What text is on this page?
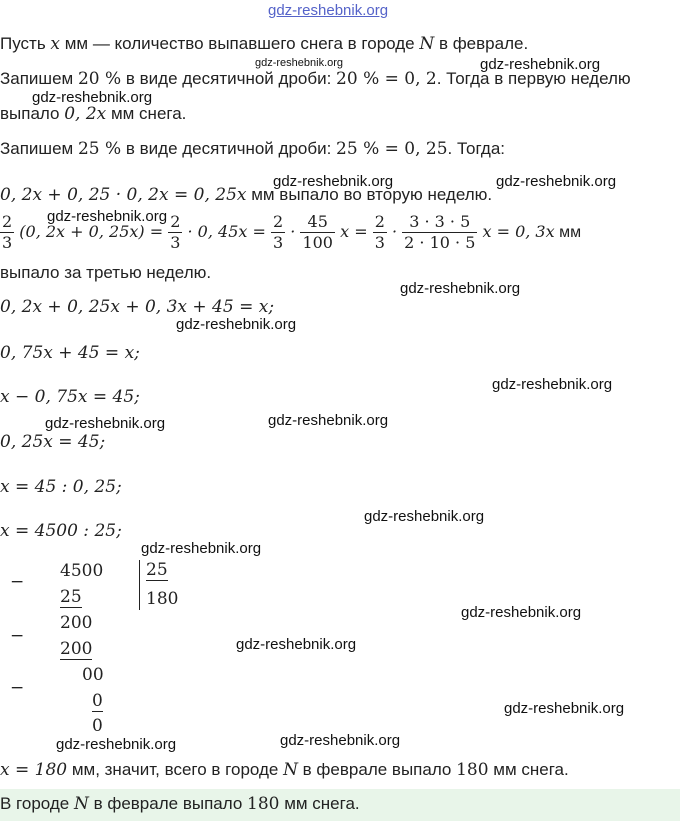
gdz-reshebnik.org
Пусть x мм — количество выпавшего снега в городе N в феврале.
Запишем 20 % в виде десятичной дроби: 20 % = 0, 2. Тогда в первую неделю
выпало 0, 2x мм снега.
Запишем 25 % в виде десятичной дроби: 25 % = 0, 25. Тогда:
0, 2x + 0, 25 · 0, 2x = 0, 25x мм выпало во вторую неделю.
$\frac{2}{3} (0$, 2x + 0, $25x) = \frac{2}{3} \cdot 0$, $45x = \frac{2}{3} \cdot \frac{45}{100}$ $x = \frac{2}{3} \cdot \frac{3 \cdot 3 \cdot 5}{2 \cdot 10 \cdot 5}$ x = 0, 3x мм
выпало за третью неделю.
0, 2x + 0, 25x + 0, 3x + 45 = x;
0, 75x + 45 = x;
x − 0, 75x = 45;
0, 25x = 45;
x = 45 : 0, 25;
x = 4500 : 25;
−
4500
25
25
180
−
200
200
−
00
0
0
x = 180 мм, значит, всего в городе N в феврале выпало 180 мм снега.
В городе N в феврале выпало 180 мм снега.
gdz-reshebnik.org	gdz-reshebnik.org
gdz-reshebnik.org
gdz-reshebnik.org	gdz-reshebnik.org
gdz-reshebnik.org
gdz-reshebnik.org
gdz-reshebnik.org
gdz-reshebnik.org
gdz-reshebnik.org	gdz-reshebnik.org
gdz-reshebnik.org
gdz-reshebnik.org
gdz-reshebnik.org
gdz-reshebnik.org
gdz-reshebnik.org
gdz-reshebnik.org	gdz-reshebnik.org
